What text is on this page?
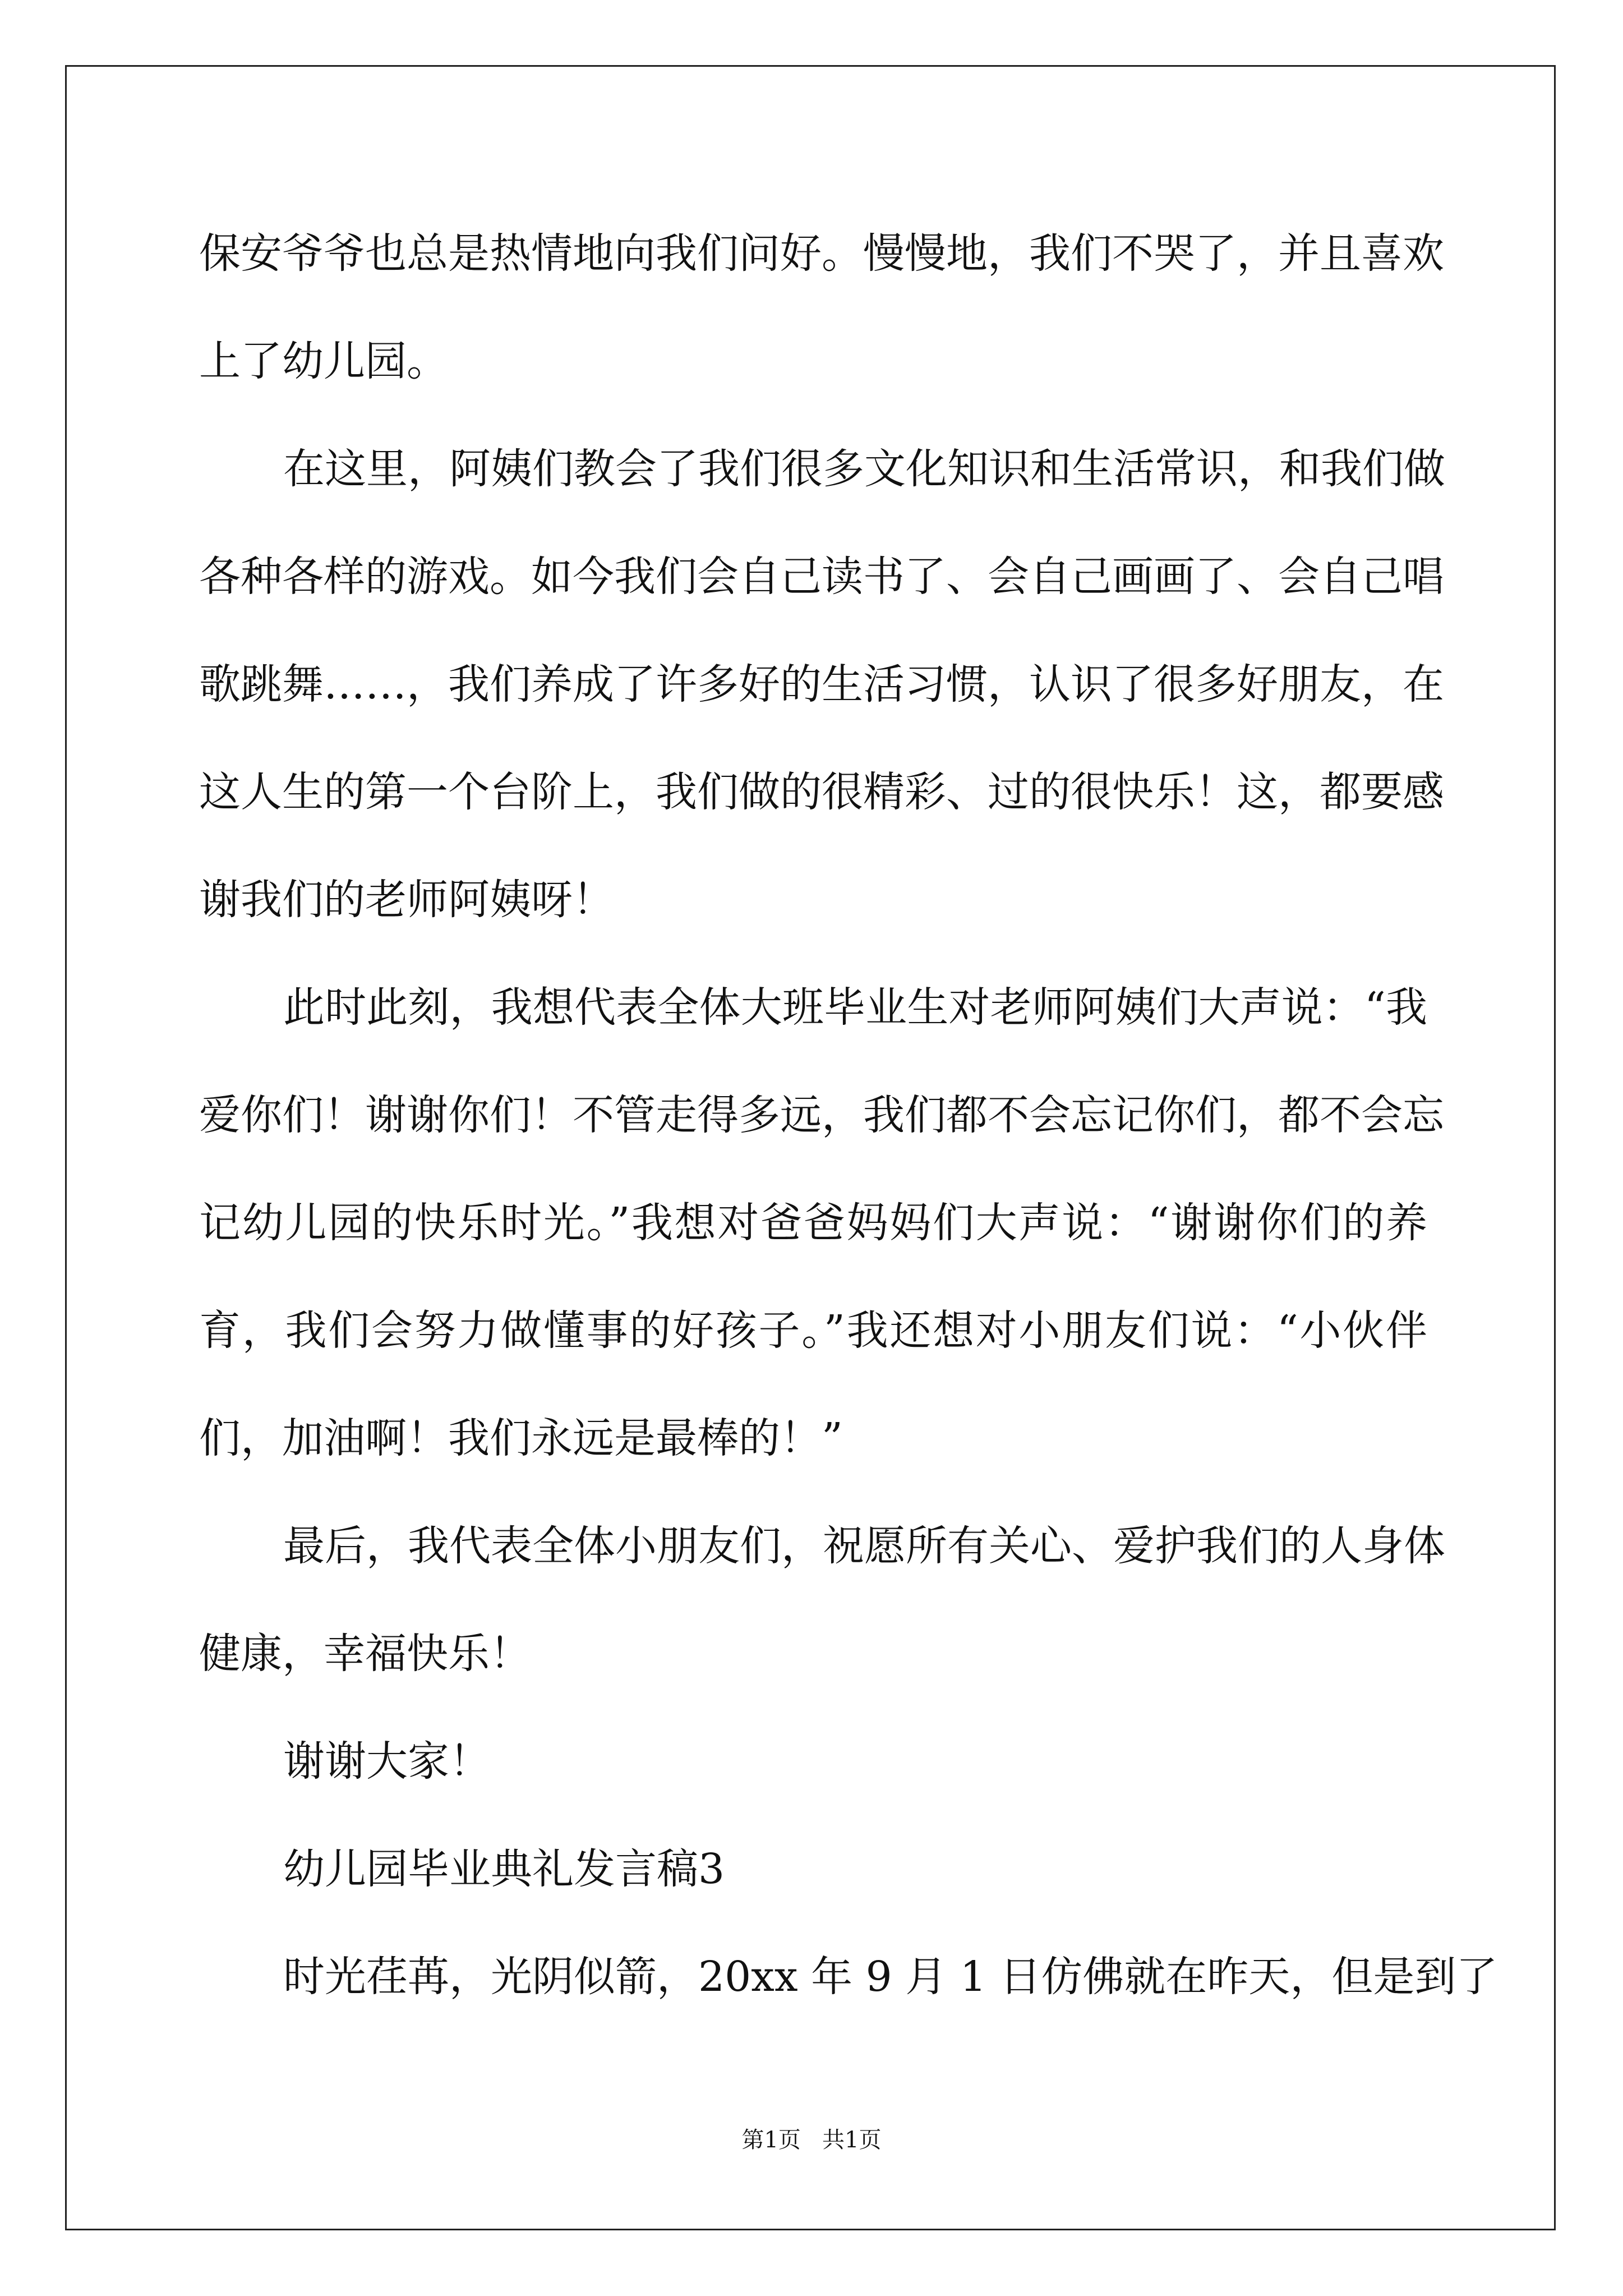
保安爷爷也总是热情地向我们问好。慢慢地，我们不哭了，并且喜欢
上了幼儿园。
在这里，阿姨们教会了我们很多文化知识和生活常识，和我们做
各种各样的游戏。如今我们会自己读书了、会自己画画了、会自己唱
歌跳舞……，我们养成了许多好的生活习惯，认识了很多好朋友，在
这人生的第一个台阶上，我们做的很精彩、过的很快乐！这，都要感
谢我们的老师阿姨呀！
此时此刻，我想代表全体大班毕业生对老师阿姨们大声说：“我
爱你们！谢谢你们！不管走得多远，我们都不会忘记你们，都不会忘
记幼儿园的快乐时光。”我想对爸爸妈妈们大声说：“谢谢你们的养
育，我们会努力做懂事的好孩子。”我还想对小朋友们说：“小伙伴
们，加油啊！我们永远是最棒的！”
最后，我代表全体小朋友们，祝愿所有关心、爱护我们的人身体
健康，幸福快乐！
谢谢大家！
幼儿园毕业典礼发言稿3
时光荏苒，光阴似箭，20xx 年 9 月 1 日仿佛就在昨天，但是到了
第1页   共1页
